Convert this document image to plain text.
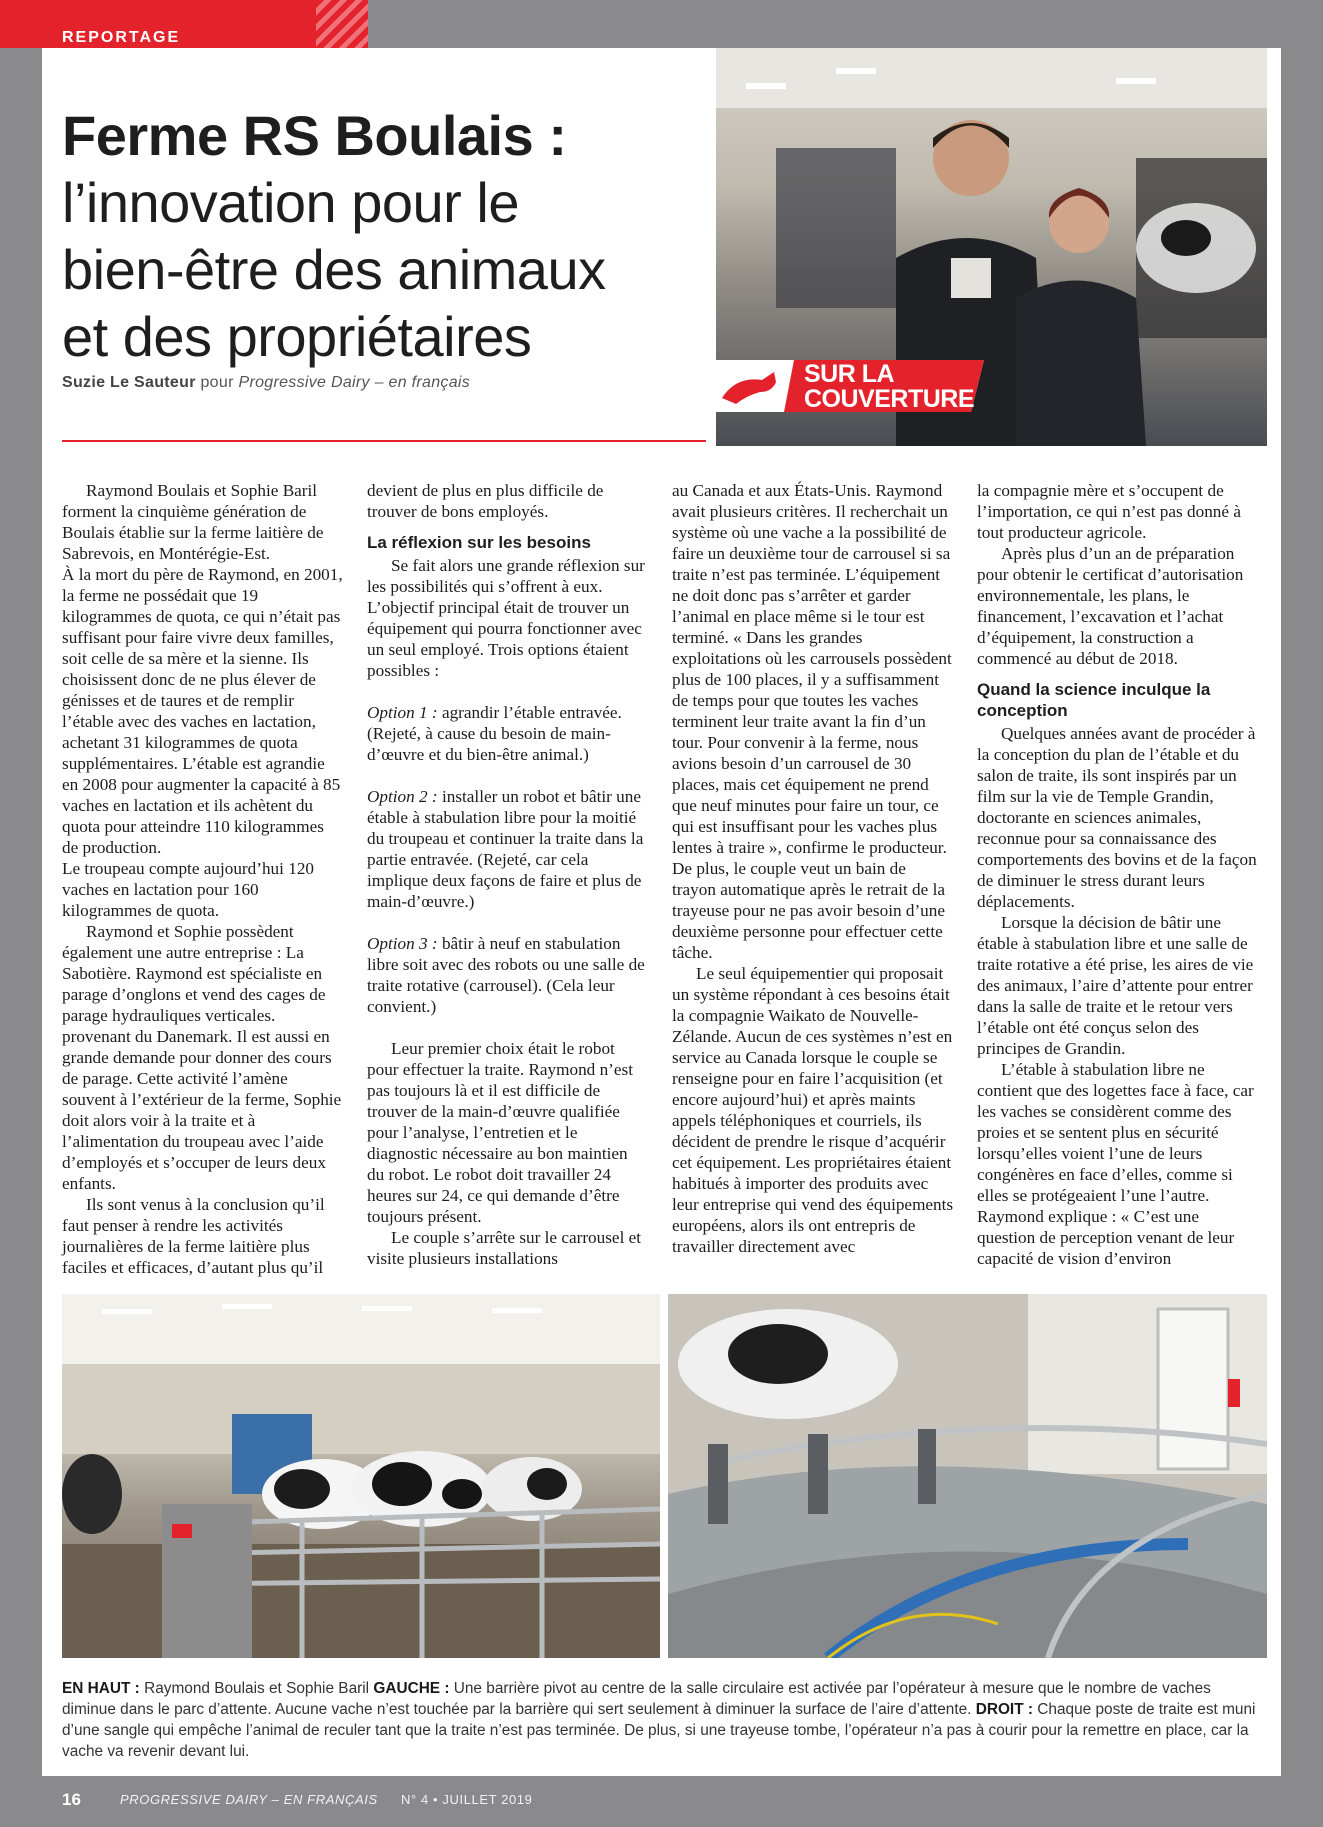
REPORTAGE
Ferme RS Boulais :
l’innovation pour le
bien-être des animaux
et des propriétaires
Suzie Le Sauteur pour Progressive Dairy – en français	SUR LA
COUVERTURE

Raymond Boulais et Sophie Baril forment la cinquième génération de Boulais établie sur la ferme laitière de Sabrevois, en Montérégie-Est.

À la mort du père de Raymond, en 2001, la ferme ne possédait que 19 kilogrammes de quota, ce qui n’était pas suffisant pour faire vivre deux familles, soit celle de sa mère et la sienne. Ils choisissent donc de ne plus élever de génisses et de taures et de remplir l’étable avec des vaches en lactation, achetant 31 kilogrammes de quota supplémentaires. L’étable est agrandie en 2008 pour augmenter la capacité à 85 vaches en lactation et ils achètent du quota pour atteindre 110 kilogrammes de production.

Le troupeau compte aujourd’hui 120 vaches en lactation pour 160 kilogrammes de quota.

Raymond et Sophie possèdent également une autre entreprise : La Sabotière. Raymond est spécialiste en parage d’onglons et vend des cages de parage hydrauliques verticales. provenant du Danemark. Il est aussi en grande demande pour donner des cours de parage. Cette activité l’amène souvent à l’extérieur de la ferme, Sophie doit alors voir à la traite et à l’alimentation du troupeau avec l’aide d’employés et s’occuper de leurs deux enfants.

Ils sont venus à la conclusion qu’il faut penser à rendre les activités journalières de la ferme laitière plus faciles et efficaces, d’autant plus qu’il

devient de plus en plus difficile de trouver de bons employés.

La réflexion sur les besoins

Se fait alors une grande réflexion sur les possibilités qui s’offrent à eux. L’objectif principal était de trouver un équipement qui pourra fonctionner avec un seul employé. Trois options étaient possibles :

Option 1 : agrandir l’étable entravée. (Rejeté, à cause du besoin de main-d’œuvre et du bien-être animal.)

Option 2 : installer un robot et bâtir une étable à stabulation libre pour la moitié du troupeau et continuer la traite dans la partie entravée. (Rejeté, car cela implique deux façons de faire et plus de main-d’œuvre.)

Option 3 : bâtir à neuf en stabulation libre soit avec des robots ou une salle de traite rotative (carrousel). (Cela leur convient.)

Leur premier choix était le robot pour effectuer la traite. Raymond n’est pas toujours là et il est difficile de trouver de la main-d’œuvre qualifiée pour l’analyse, l’entretien et le diagnostic nécessaire au bon maintien du robot. Le robot doit travailler 24 heures sur 24, ce qui demande d’être toujours présent.

Le couple s’arrête sur le carrousel et visite plusieurs installations

au Canada et aux États-Unis. Raymond avait plusieurs critères. Il recherchait un système où une vache a la possibilité de faire un deuxième tour de carrousel si sa traite n’est pas terminée. L’équipement ne doit donc pas s’arrêter et garder l’animal en place même si le tour est terminé. « Dans les grandes exploitations où les carrousels possèdent plus de 100 places, il y a suffisamment de temps pour que toutes les vaches terminent leur traite avant la fin d’un tour. Pour convenir à la ferme, nous avions besoin d’un carrousel de 30 places, mais cet équipement ne prend que neuf minutes pour faire un tour, ce qui est insuffisant pour les vaches plus lentes à traire », confirme le producteur. De plus, le couple veut un bain de trayon automatique après le retrait de la trayeuse pour ne pas avoir besoin d’une deuxième personne pour effectuer cette tâche.

Le seul équipementier qui proposait un système répondant à ces besoins était la compagnie Waikato de Nouvelle-Zélande. Aucun de ces systèmes n’est en service au Canada lorsque le couple se renseigne pour en faire l’acquisition (et encore aujourd’hui) et après maints appels téléphoniques et courriels, ils décident de prendre le risque d’acquérir cet équipement. Les propriétaires étaient habitués à importer des produits avec leur entreprise qui vend des équipements européens, alors ils ont entrepris de travailler directement avec

la compagnie mère et s’occupent de l’importation, ce qui n’est pas donné à tout producteur agricole.

Après plus d’un an de préparation pour obtenir le certificat d’autorisation environnementale, les plans, le financement, l’excavation et l’achat d’équipement, la construction a commencé au début de 2018.

Quand la science inculque la conception

Quelques années avant de procéder à la conception du plan de l’étable et du salon de traite, ils sont inspirés par un film sur la vie de Temple Grandin, doctorante en sciences animales, reconnue pour sa connaissance des comportements des bovins et de la façon de diminuer le stress durant leurs déplacements.

Lorsque la décision de bâtir une étable à stabulation libre et une salle de traite rotative a été prise, les aires de vie des animaux, l’aire d’attente pour entrer dans la salle de traite et le retour vers l’étable ont été conçus selon des principes de Grandin.

L’étable à stabulation libre ne contient que des logettes face à face, car les vaches se considèrent comme des proies et se sentent plus en sécurité lorsqu’elles voient l’une de leurs congénères en face d’elles, comme si elles se protégeaient l’une l’autre. Raymond explique : « C’est une question de perception venant de leur capacité de vision d’environ

EN HAUT : Raymond Boulais et Sophie Baril GAUCHE : Une barrière pivot au centre de la salle circulaire est activée par l’opérateur à mesure que le nombre de vaches diminue dans le parc d’attente. Aucune vache n’est touchée par la barrière qui sert seulement à diminuer la surface de l’aire d’attente. DROIT : Chaque poste de traite est muni d’une sangle qui empêche l’animal de reculer tant que la traite n’est pas terminée. De plus, si une trayeuse tombe, l’opérateur n’a pas à courir pour la remettre en place, car la vache va revenir devant lui.
16	PROGRESSIVE DAIRY – EN FRANÇAIS N° 4 • JUILLET 2019
